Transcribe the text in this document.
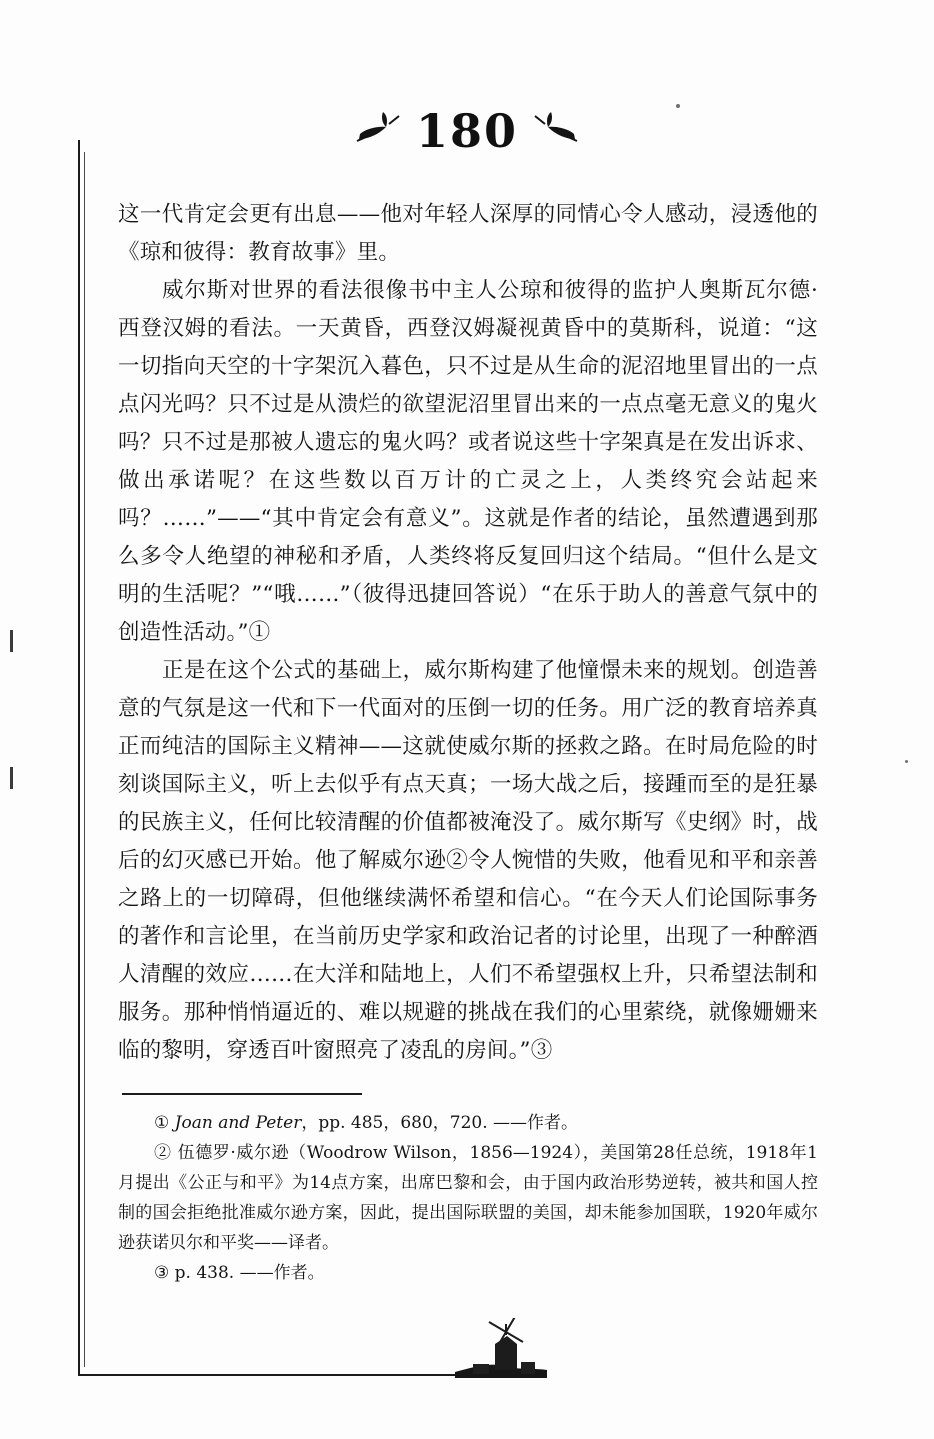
180

这一代肯定会更有出息——他对年轻人深厚的同情心令人感动，浸透他的《琼和彼得：教育故事》里。

威尔斯对世界的看法很像书中主人公琼和彼得的监护人奥斯瓦尔德·西登汉姆的看法。一天黄昏，西登汉姆凝视黄昏中的莫斯科，说道：“这一切指向天空的十字架沉入暮色，只不过是从生命的泥沼地里冒出的一点点闪光吗？只不过是从溃烂的欲望泥沼里冒出来的一点点毫无意义的鬼火吗？只不过是那被人遗忘的鬼火吗？或者说这些十字架真是在发出诉求、做出承诺呢？在这些数以百万计的亡灵之上，人类终究会站起来吗？……”——“其中肯定会有意义”。这就是作者的结论，虽然遭遇到那么多令人绝望的神秘和矛盾，人类终将反复回归这个结局。“但什么是文明的生活呢？”“哦……”（彼得迅捷回答说）“在乐于助人的善意气氛中的创造性活动。”①

正是在这个公式的基础上，威尔斯构建了他憧憬未来的规划。创造善意的气氛是这一代和下一代面对的压倒一切的任务。用广泛的教育培养真正而纯洁的国际主义精神——这就使威尔斯的拯救之路。在时局危险的时刻谈国际主义，听上去似乎有点天真；一场大战之后，接踵而至的是狂暴的民族主义，任何比较清醒的价值都被淹没了。威尔斯写《史纲》时，战后的幻灭感已开始。他了解威尔逊②令人惋惜的失败，他看见和平和亲善之路上的一切障碍，但他继续满怀希望和信心。“在今天人们论国际事务的著作和言论里，在当前历史学家和政治记者的讨论里，出现了一种醉酒人清醒的效应……在大洋和陆地上，人们不希望强权上升，只希望法制和服务。那种悄悄逼近的、难以规避的挑战在我们的心里萦绕，就像姗姗来临的黎明，穿透百叶窗照亮了凌乱的房间。”③

① Joan and Peter，pp. 485，680，720. ——作者。

② 伍德罗·威尔逊（Woodrow Wilson，1856—1924），美国第28任总统，1918年1月提出《公正与和平》为14点方案，出席巴黎和会，由于国内政治形势逆转，被共和国人控制的国会拒绝批准威尔逊方案，因此，提出国际联盟的美国，却未能参加国联，1920年威尔逊获诺贝尔和平奖——译者。

③ p. 438. ——作者。
